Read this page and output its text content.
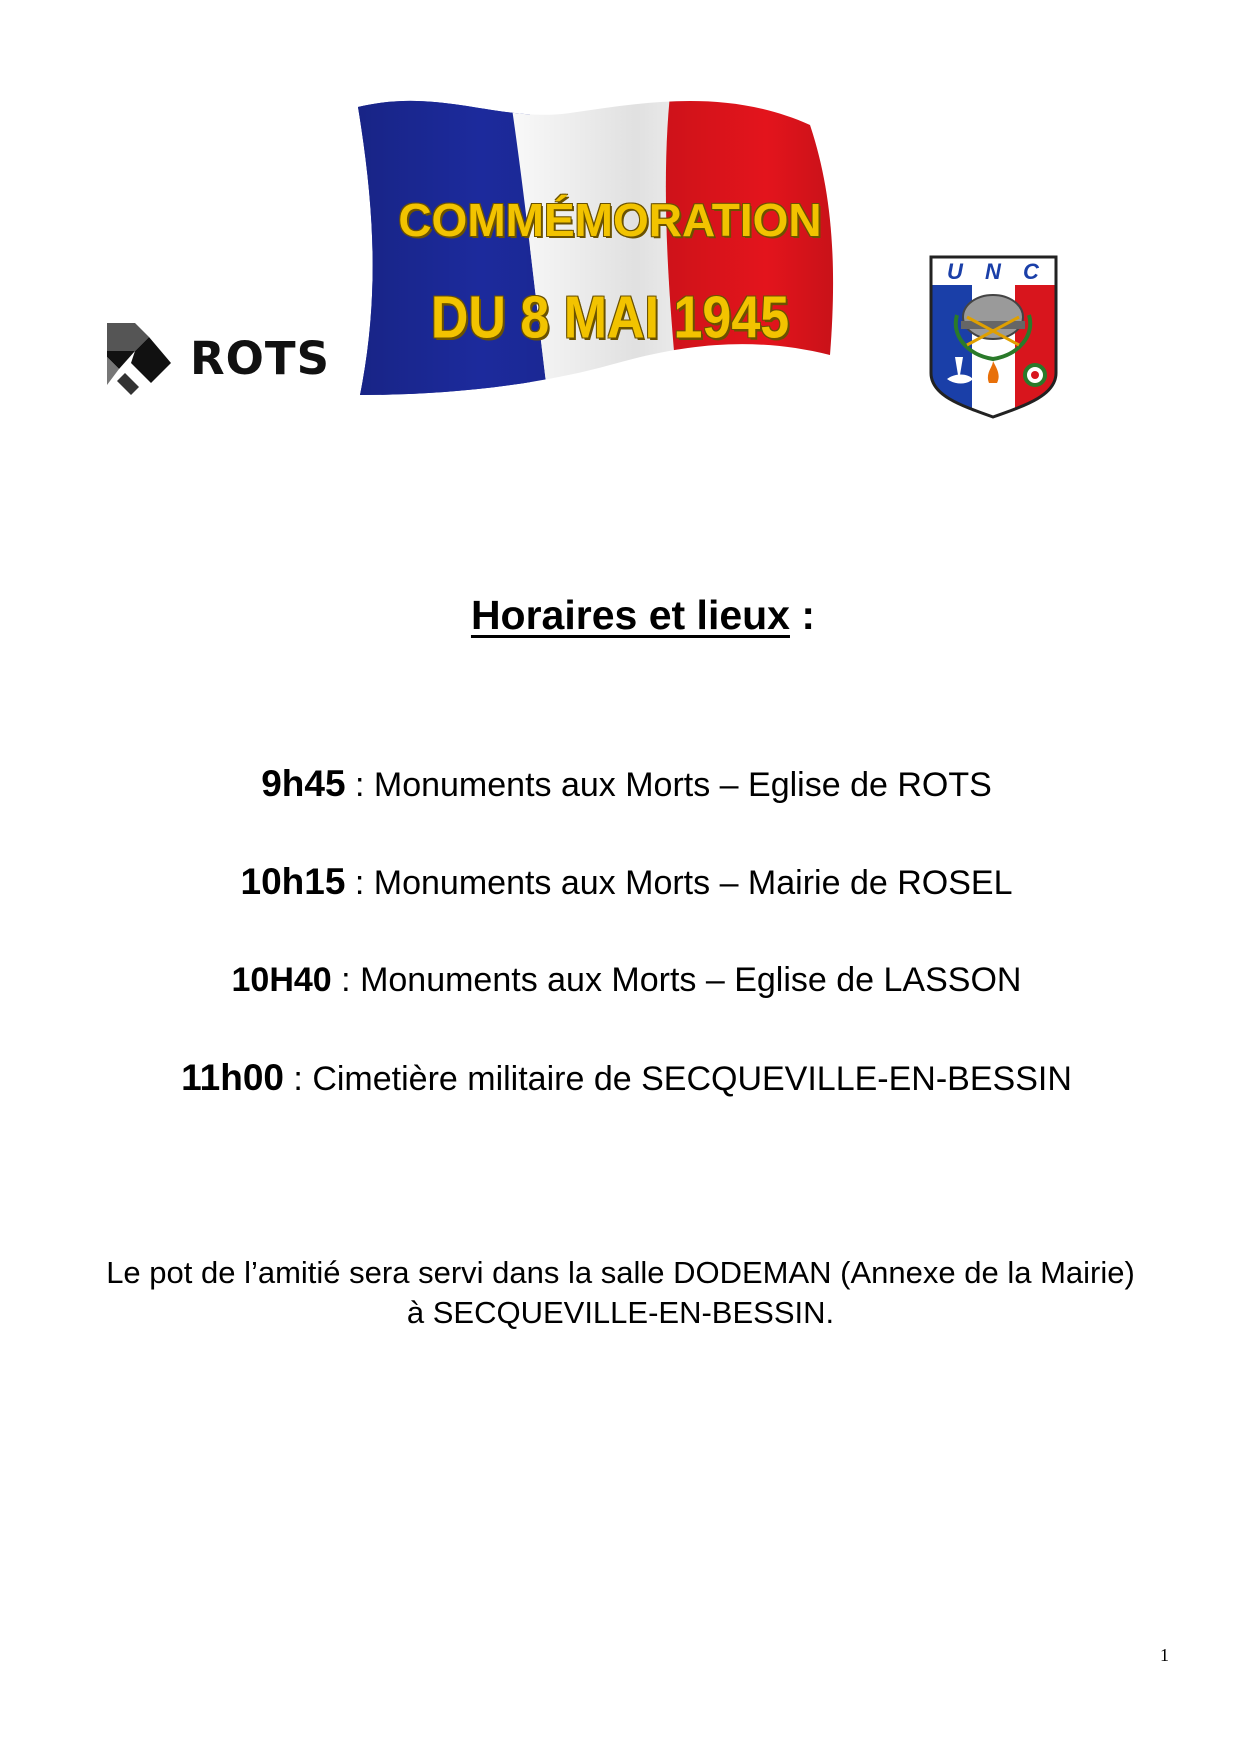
ROTS
COMMÉMORATION
DU 8 MAI 1945
U N C
Horaires et lieux :
9h45 : Monuments aux Morts – Eglise de ROTS
10h15 : Monuments aux Morts – Mairie de ROSEL
10H40 : Monuments aux Morts – Eglise de LASSON
11h00 : Cimetière militaire de SECQUEVILLE-EN-BESSIN
Le pot de l’amitié sera servi dans la salle DODEMAN (Annexe de la Mairie)
à SECQUEVILLE-EN-BESSIN.
1
